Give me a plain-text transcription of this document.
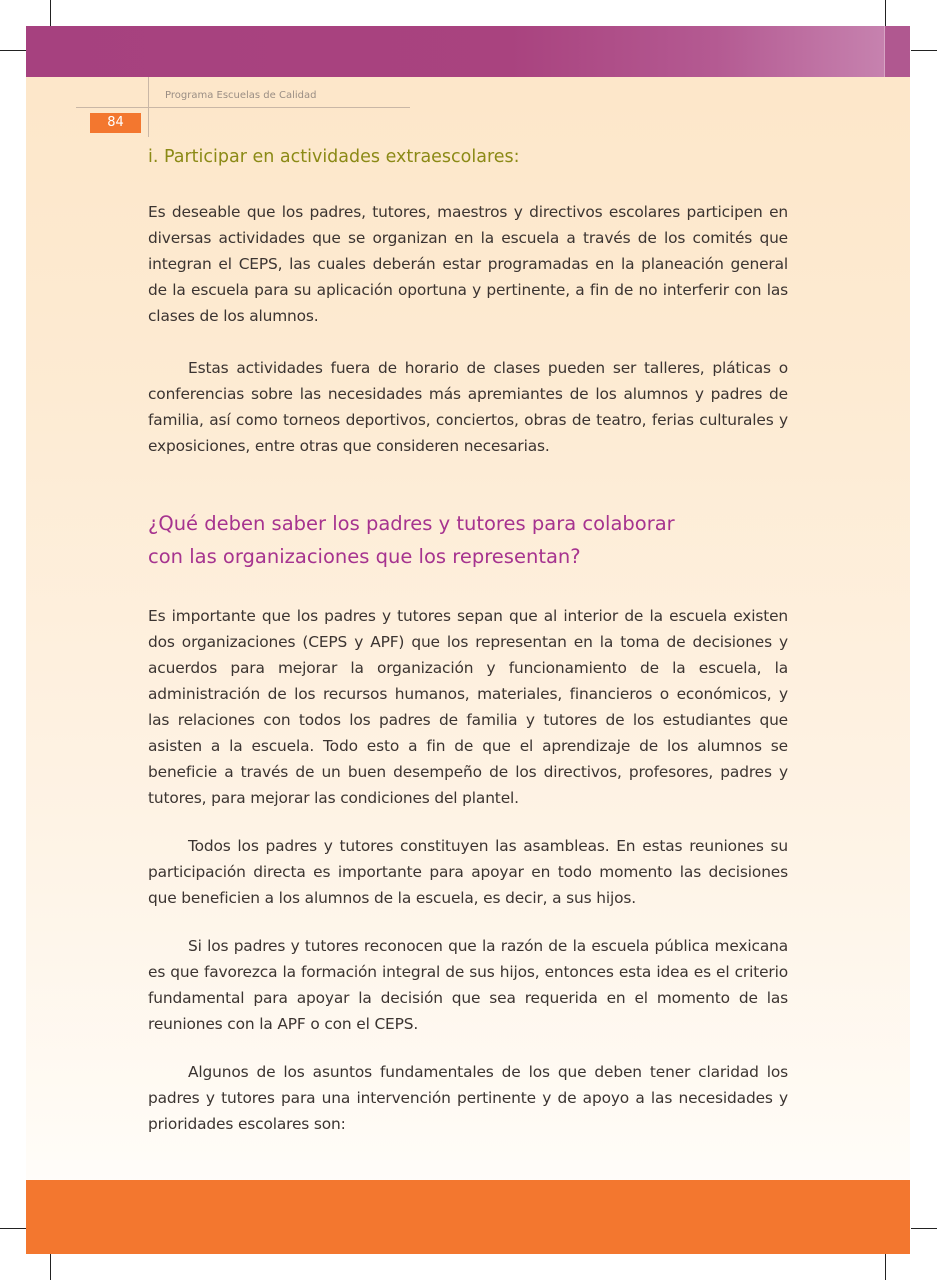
Programa Escuelas de Calidad
84
i. Participar en actividades extraescolares:

Es deseable que los padres, tutores, maestros y directivos escolares participen en diversas actividades que se organizan en la escuela a través de los comités que integran el CEPS, las cuales deberán estar programadas en la planeación general de la escuela para su aplicación oportuna y pertinente, a fin de no interferir con las clases de los alumnos.

Estas actividades fuera de horario de clases pueden ser talleres, pláticas o conferencias sobre las necesidades más apremiantes de los alumnos y padres de familia, así como torneos deportivos, conciertos, obras de teatro, ferias culturales y exposiciones, entre otras que consideren necesarias.

¿Qué deben saber los padres y tutores para colaborar
con las organizaciones que los representan?

Es importante que los padres y tutores sepan que al interior de la escuela existen dos organizaciones (CEPS y APF) que los representan en la toma de decisiones y acuerdos para mejorar la organización y funcionamiento de la escuela, la administración de los recursos humanos, materiales, financieros o económicos, y las relaciones con todos los padres de familia y tutores de los estudiantes que asisten a la escuela. Todo esto a fin de que el aprendizaje de los alumnos se beneficie a través de un buen desempeño de los directivos, profesores, padres y tutores, para mejorar las condiciones del plantel.

Todos los padres y tutores constituyen las asambleas. En estas reuniones su participación directa es importante para apoyar en todo momento las decisiones que beneficien a los alumnos de la escuela, es decir, a sus hijos.

Si los padres y tutores reconocen que la razón de la escuela pública mexicana es que favorezca la formación integral de sus hijos, entonces esta idea es el criterio fundamental para apoyar la decisión que sea requerida en el momento de las reuniones con la APF o con el CEPS.

Algunos de los asuntos fundamentales de los que deben tener claridad los padres y tutores para una intervención pertinente y de apoyo a las necesidades y prioridades escolares son:
